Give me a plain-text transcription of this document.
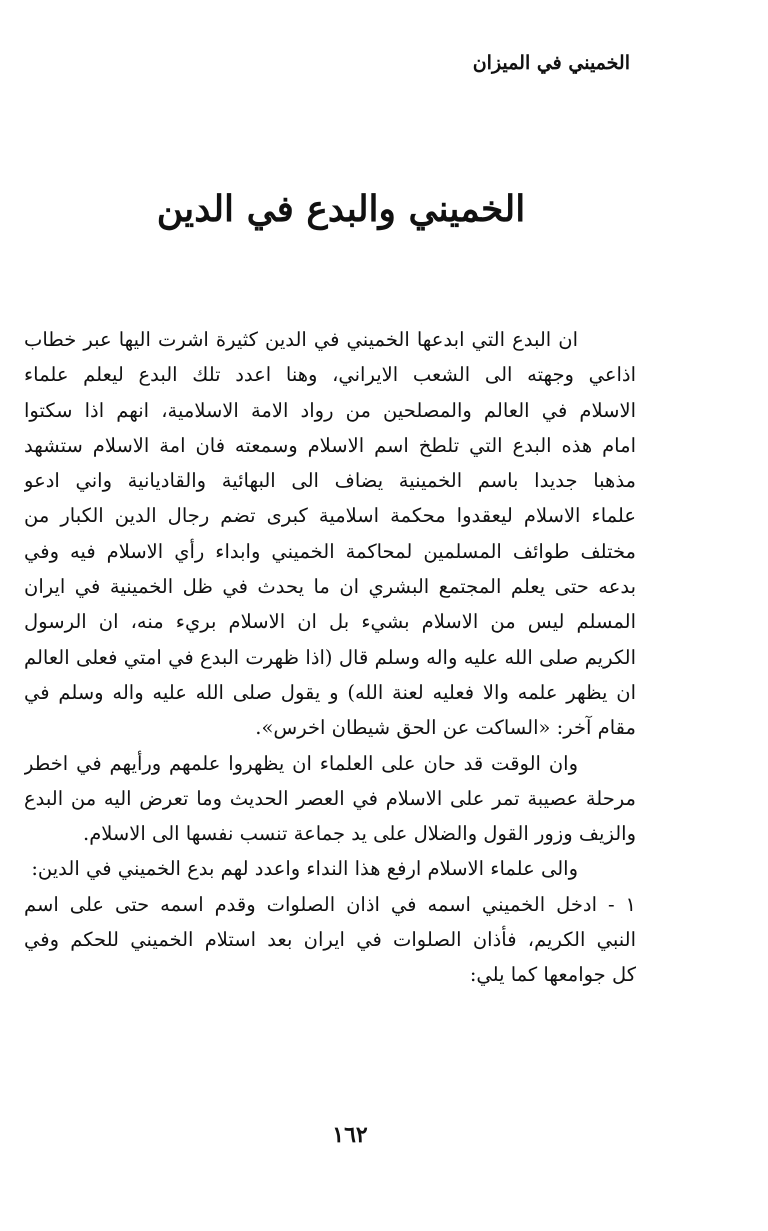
الخميني في الميزان
الخميني والبدع في الدين
ان البدع التي ابدعها الخميني في الدين كثيرة اشرت اليها عبر خطاب
اذاعي وجهته الى الشعب الايراني، وهنا اعدد تلك البدع ليعلم علماء
الاسلام في العالم والمصلحين من رواد الامة الاسلامية، انهم اذا سكتوا
امام هذه البدع التي تلطخ اسم الاسلام وسمعته فان امة الاسلام ستشهد
مذهبا جديدا باسم الخمينية يضاف الى البهائية والقاديانية واني ادعو
علماء الاسلام ليعقدوا محكمة اسلامية كبرى تضم رجال الدين الكبار من
مختلف طوائف المسلمين لمحاكمة الخميني وابداء رأي الاسلام فيه وفي
بدعه حتى يعلم المجتمع البشري ان ما يحدث في ظل الخمينية في ايران
المسلم ليس من الاسلام بشيء بل ان الاسلام بريء منه، ان الرسول
الكريم صلى الله عليه واله وسلم قال (اذا ظهرت البدع في امتي فعلى العالم
ان يظهر علمه والا فعليه لعنة الله) و يقول صلى الله عليه واله وسلم في
مقام آخر: «الساكت عن الحق شيطان اخرس».
وان الوقت قد حان على العلماء ان يظهروا علمهم ورأيهم في اخطر
مرحلة عصيبة تمر على الاسلام في العصر الحديث وما تعرض اليه من البدع
والزيف وزور القول والضلال على يد جماعة تنسب نفسها الى الاسلام.
والى علماء الاسلام ارفع هذا النداء واعدد لهم بدع الخميني في الدين:
١ - ادخل الخميني اسمه في اذان الصلوات وقدم اسمه حتى على اسم
النبي الكريم، فأذان الصلوات في ايران بعد استلام الخميني للحكم وفي
كل جوامعها كما يلي:
١٦٢
